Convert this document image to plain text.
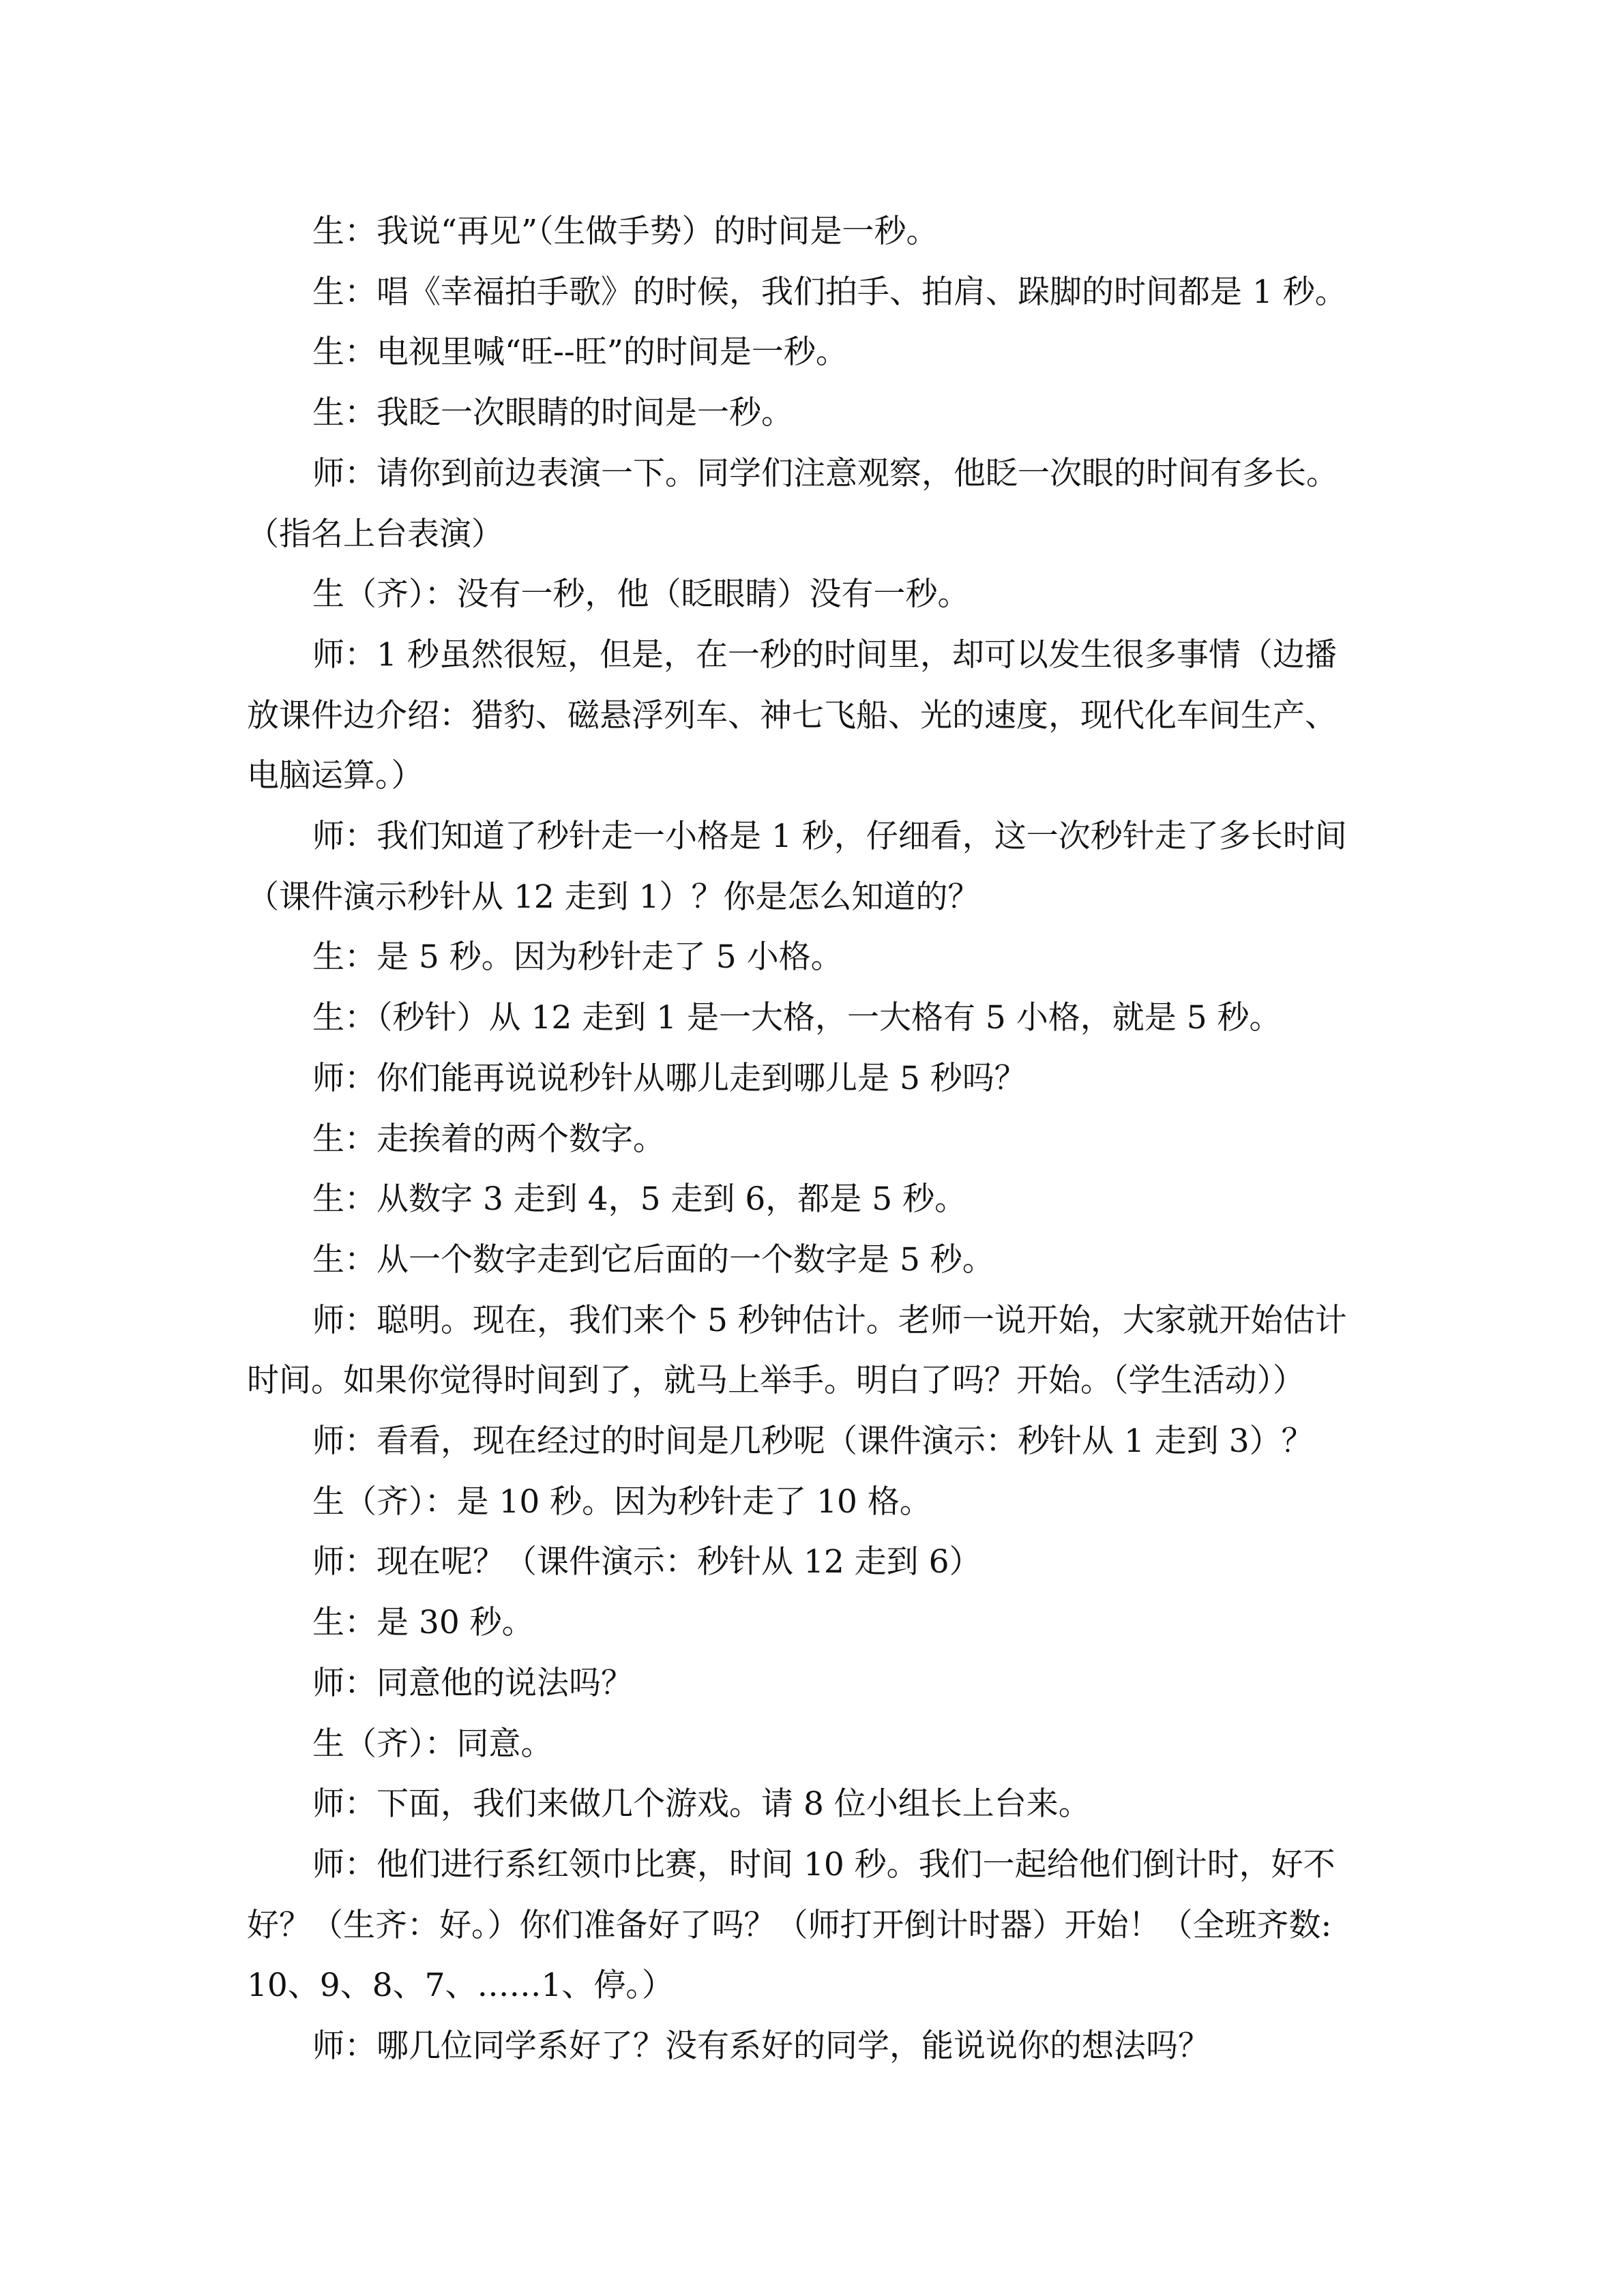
生：我说“再见”（生做手势）的时间是一秒。
生：唱《幸福拍手歌》的时候，我们拍手、拍肩、跺脚的时间都是 1 秒。
生：电视里喊“旺--旺”的时间是一秒。
生：我眨一次眼睛的时间是一秒。
师：请你到前边表演一下。同学们注意观察，他眨一次眼的时间有多长。
（指名上台表演）
生（齐）：没有一秒，他（眨眼睛）没有一秒。
师：1 秒虽然很短，但是，在一秒的时间里，却可以发生很多事情（边播
放课件边介绍：猎豹、磁悬浮列车、神七飞船、光的速度，现代化车间生产、
电脑运算。）
师：我们知道了秒针走一小格是 1 秒，仔细看，这一次秒针走了多长时间
（课件演示秒针从 12 走到 1）？你是怎么知道的？
生：是 5 秒。因为秒针走了 5 小格。
生：（秒针）从 12 走到 1 是一大格，一大格有 5 小格，就是 5 秒。
师：你们能再说说秒针从哪儿走到哪儿是 5 秒吗？
生：走挨着的两个数字。
生：从数字 3 走到 4，5 走到 6，都是 5 秒。
生：从一个数字走到它后面的一个数字是 5 秒。
师：聪明。现在，我们来个 5 秒钟估计。老师一说开始，大家就开始估计
时间。如果你觉得时间到了，就马上举手。明白了吗？开始。（学生活动））
师：看看，现在经过的时间是几秒呢（课件演示：秒针从 1 走到 3）？
生（齐）：是 10 秒。因为秒针走了 10 格。
师：现在呢？（课件演示：秒针从 12 走到 6）
生：是 30 秒。
师：同意他的说法吗？
生（齐）：同意。
师：下面，我们来做几个游戏。请 8 位小组长上台来。
师：他们进行系红领巾比赛，时间 10 秒。我们一起给他们倒计时，好不
好？（生齐：好。）你们准备好了吗？（师打开倒计时器）开始！（全班齐数:
10、9、8、7、……1、停。）
师：哪几位同学系好了？没有系好的同学，能说说你的想法吗？
